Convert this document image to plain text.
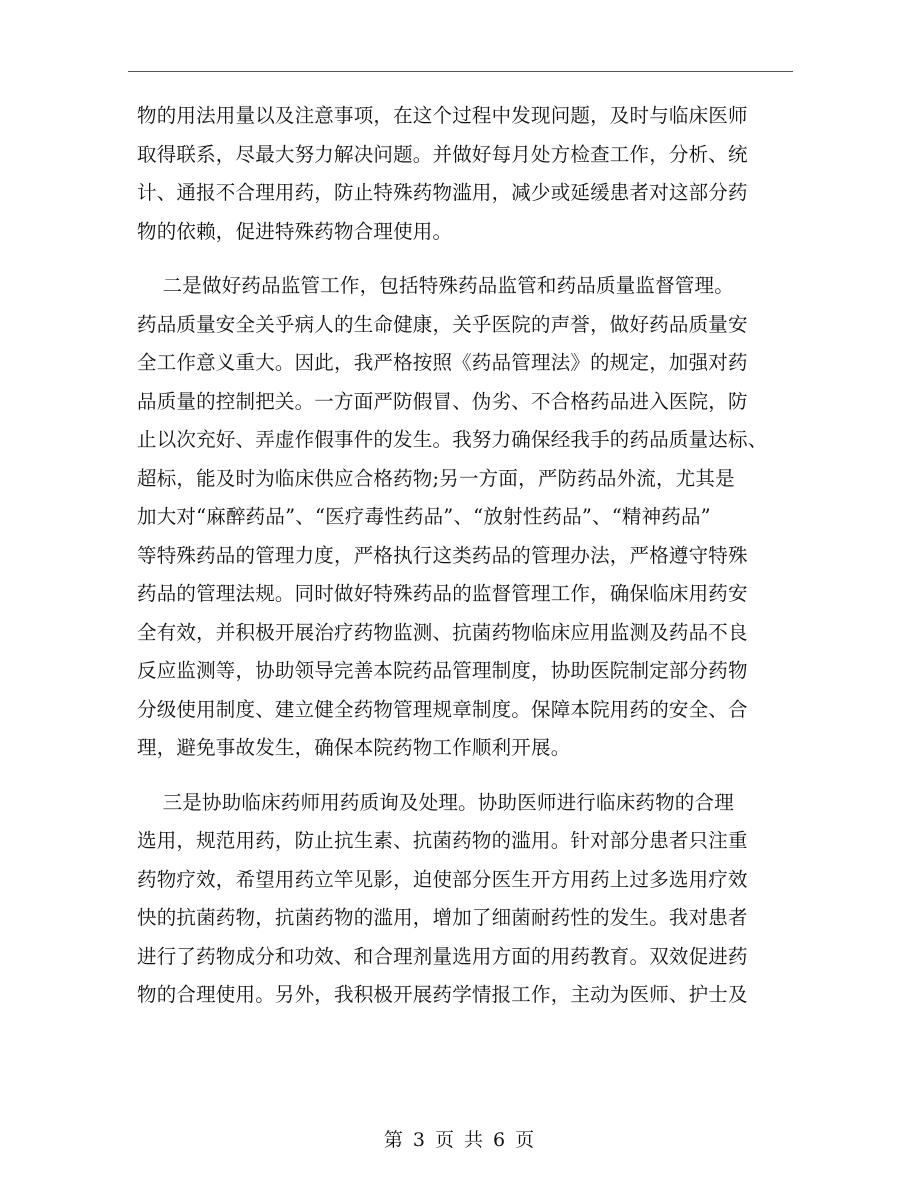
物的用法用量以及注意事项，在这个过程中发现问题，及时与临床医师
取得联系，尽最大努力解决问题。并做好每月处方检查工作，分析、统
计、通报不合理用药，防止特殊药物滥用，减少或延缓患者对这部分药
物的依赖，促进特殊药物合理使用。
二是做好药品监管工作，包括特殊药品监管和药品质量监督管理。
药品质量安全关乎病人的生命健康，关乎医院的声誉，做好药品质量安
全工作意义重大。因此，我严格按照《药品管理法》的规定，加强对药
品质量的控制把关。一方面严防假冒、伪劣、不合格药品进入医院，防
止以次充好、弄虚作假事件的发生。我努力确保经我手的药品质量达标、
超标，能及时为临床供应合格药物;另一方面，严防药品外流，尤其是
加大对“麻醉药品”、“医疗毒性药品”、“放射性药品”、“精神药品”
等特殊药品的管理力度，严格执行这类药品的管理办法，严格遵守特殊
药品的管理法规。同时做好特殊药品的监督管理工作，确保临床用药安
全有效，并积极开展治疗药物监测、抗菌药物临床应用监测及药品不良
反应监测等，协助领导完善本院药品管理制度，协助医院制定部分药物
分级使用制度、建立健全药物管理规章制度。保障本院用药的安全、合
理，避免事故发生，确保本院药物工作顺利开展。
三是协助临床药师用药质询及处理。协助医师进行临床药物的合理
选用，规范用药，防止抗生素、抗菌药物的滥用。针对部分患者只注重
药物疗效，希望用药立竿见影，迫使部分医生开方用药上过多选用疗效
快的抗菌药物，抗菌药物的滥用，增加了细菌耐药性的发生。我对患者
进行了药物成分和功效、和合理剂量选用方面的用药教育。双效促进药
物的合理使用。另外，我积极开展药学情报工作，主动为医师、护士及
第 3 页 共 6 页
